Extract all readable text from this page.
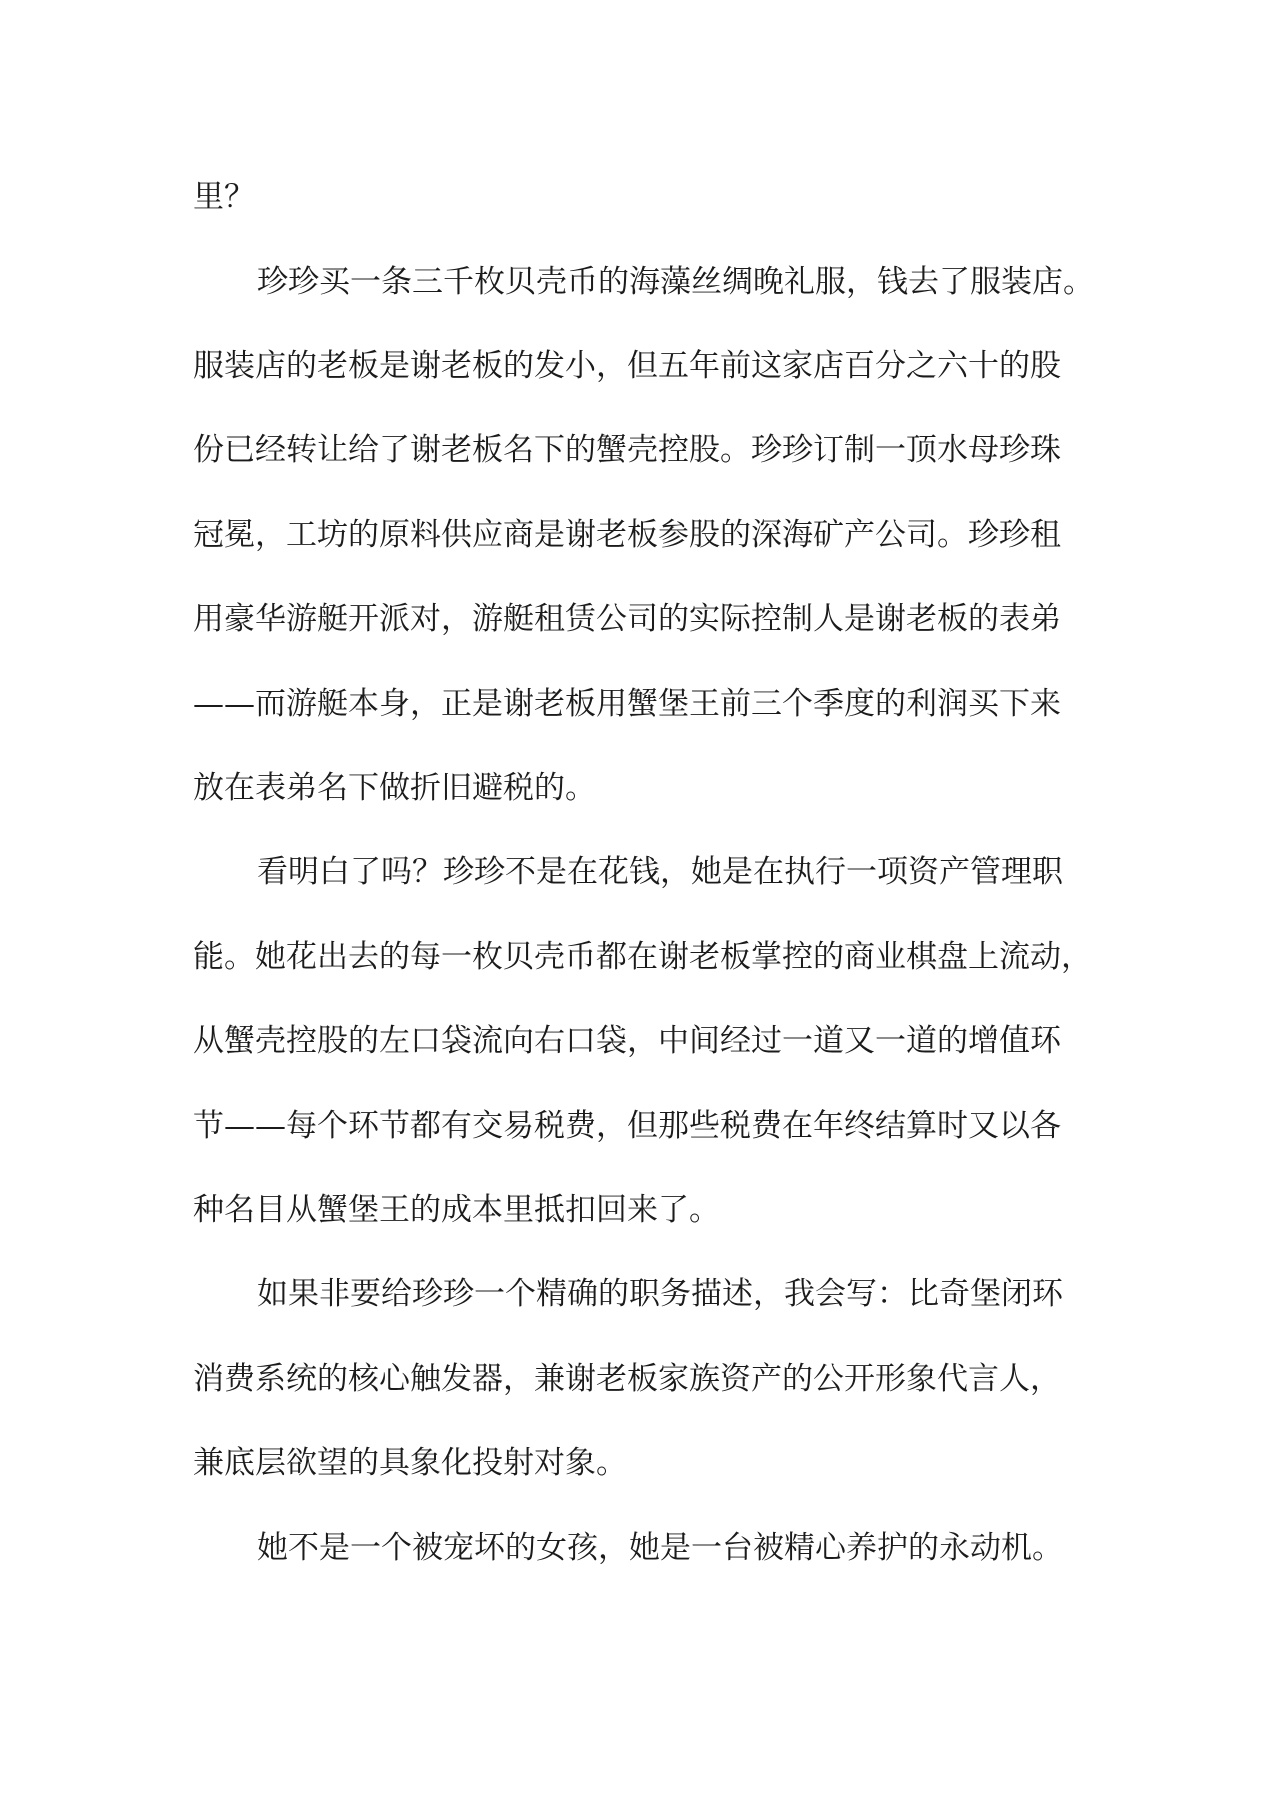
里？
珍珍买一条三千枚贝壳币的海藻丝绸晚礼服，钱去了服装店。
服装店的老板是谢老板的发小，但五年前这家店百分之六十的股
份已经转让给了谢老板名下的蟹壳控股。珍珍订制一顶水母珍珠
冠冕，工坊的原料供应商是谢老板参股的深海矿产公司。珍珍租
用豪华游艇开派对，游艇租赁公司的实际控制人是谢老板的表弟
——而游艇本身，正是谢老板用蟹堡王前三个季度的利润买下来
放在表弟名下做折旧避税的。
看明白了吗？珍珍不是在花钱，她是在执行一项资产管理职
能。她花出去的每一枚贝壳币都在谢老板掌控的商业棋盘上流动，
从蟹壳控股的左口袋流向右口袋，中间经过一道又一道的增值环
节——每个环节都有交易税费，但那些税费在年终结算时又以各
种名目从蟹堡王的成本里抵扣回来了。
如果非要给珍珍一个精确的职务描述，我会写：比奇堡闭环
消费系统的核心触发器，兼谢老板家族资产的公开形象代言人，
兼底层欲望的具象化投射对象。
她不是一个被宠坏的女孩，她是一台被精心养护的永动机。
